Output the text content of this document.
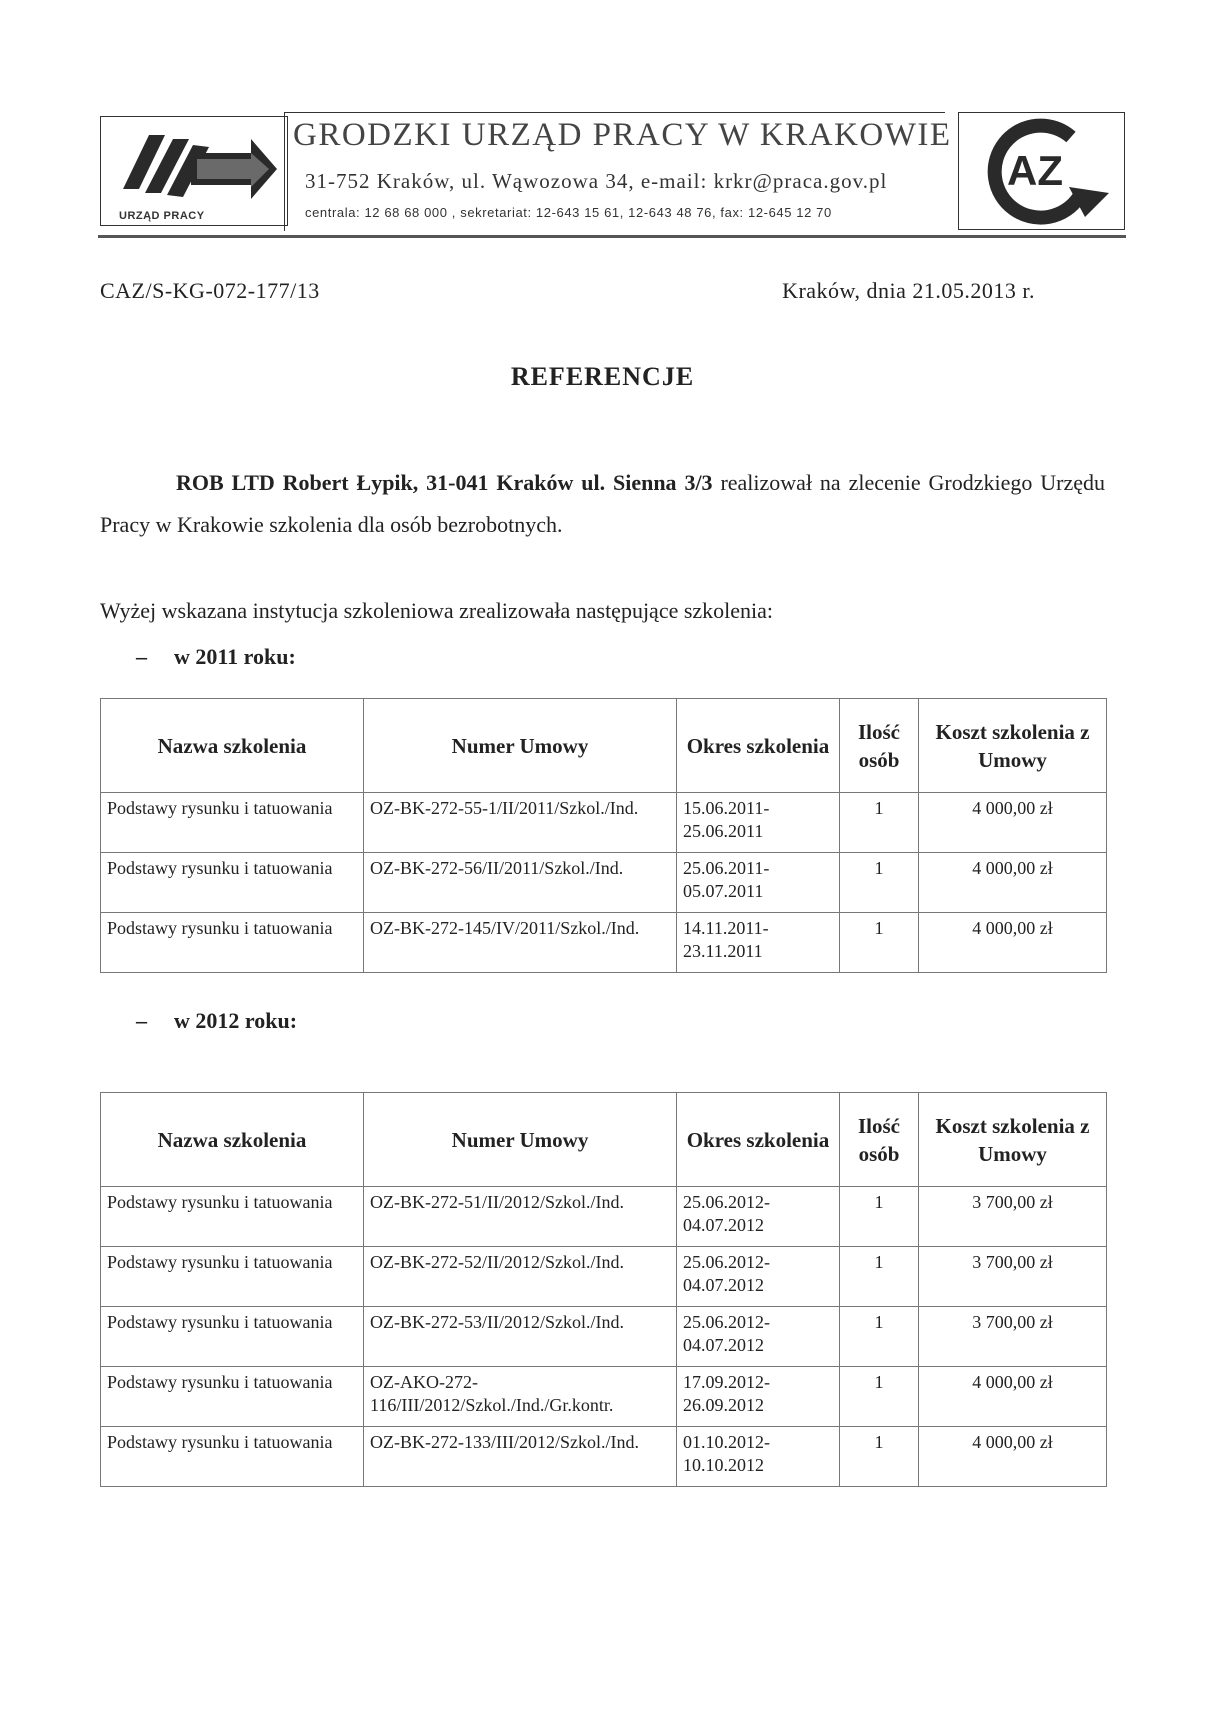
URZĄD PRACY
GRODZKI URZĄD PRACY W KRAKOWIE
31-752 Kraków, ul. Wąwozowa 34, e-mail: krkr@praca.gov.pl
centrala: 12 68 68 000 , sekretariat: 12-643 15 61, 12-643 48 76, fax: 12-645 12 70
AZ
CAZ/S-KG-072-177/13	Kraków, dnia 21.05.2013 r.
REFERENCJE
ROB LTD Robert Łypik, 31-041 Kraków ul. Sienna 3/3 realizował na zlecenie Grodzkiego Urzędu Pracy w Krakowie szkolenia dla osób bezrobotnych.
Wyżej wskazana instytucja szkoleniowa zrealizowała następujące szkolenia:
– w 2011 roku:
Nazwa szkolenia	Numer Umowy	Okres szkolenia	Ilość osób	Koszt szkolenia z Umowy
Podstawy rysunku i tatuowania	OZ-BK-272-55-1/II/2011/Szkol./Ind.	15.06.2011-25.06.2011	1	4 000,00 zł
Podstawy rysunku i tatuowania	OZ-BK-272-56/II/2011/Szkol./Ind.	25.06.2011-05.07.2011	1	4 000,00 zł
Podstawy rysunku i tatuowania	OZ-BK-272-145/IV/2011/Szkol./Ind.	14.11.2011-23.11.2011	1	4 000,00 zł
– w 2012 roku:
Nazwa szkolenia	Numer Umowy	Okres szkolenia	Ilość osób	Koszt szkolenia z Umowy
Podstawy rysunku i tatuowania	OZ-BK-272-51/II/2012/Szkol./Ind.	25.06.2012-04.07.2012	1	3 700,00 zł
Podstawy rysunku i tatuowania	OZ-BK-272-52/II/2012/Szkol./Ind.	25.06.2012-04.07.2012	1	3 700,00 zł
Podstawy rysunku i tatuowania	OZ-BK-272-53/II/2012/Szkol./Ind.	25.06.2012-04.07.2012	1	3 700,00 zł
Podstawy rysunku i tatuowania	OZ-AKO-272-116/III/2012/Szkol./Ind./Gr.kontr.	17.09.2012-26.09.2012	1	4 000,00 zł
Podstawy rysunku i tatuowania	OZ-BK-272-133/III/2012/Szkol./Ind.	01.10.2012-10.10.2012	1	4 000,00 zł
